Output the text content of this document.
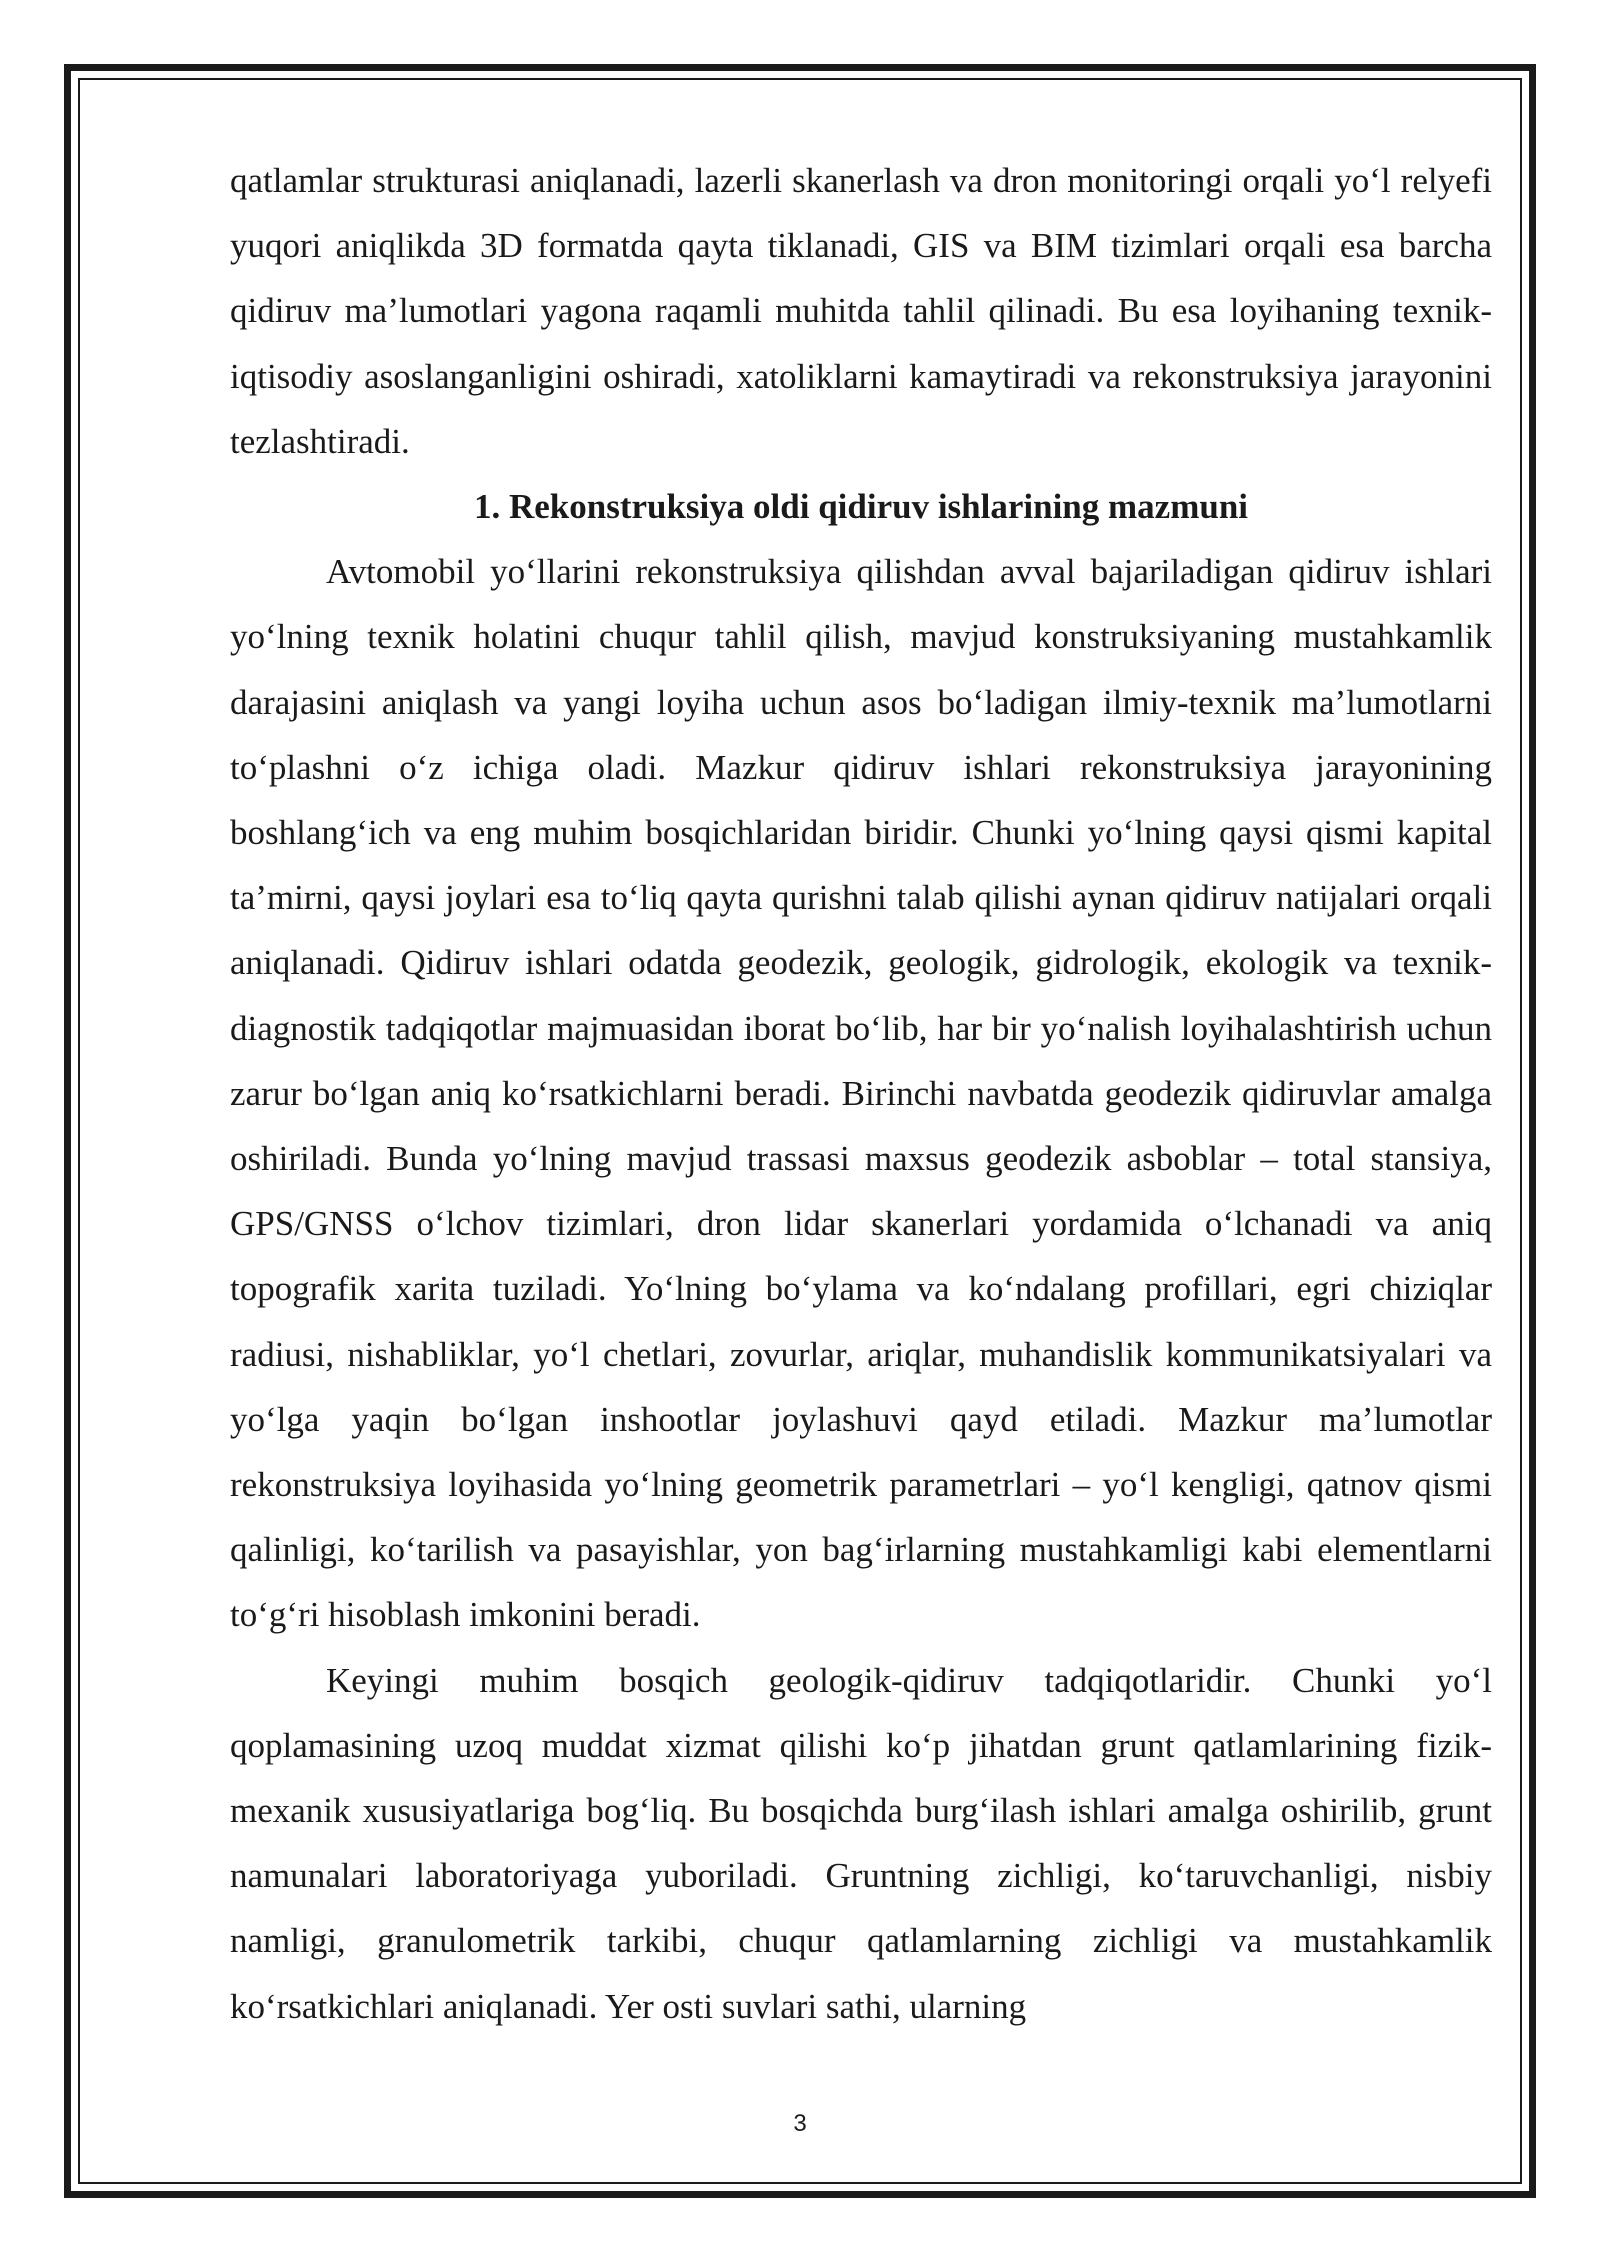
qatlamlar strukturasi aniqlanadi, lazerli skanerlash va dron monitoringi orqali yo‘l relyefi yuqori aniqlikda 3D formatda qayta tiklanadi, GIS va BIM tizimlari orqali esa barcha qidiruv ma’lumotlari yagona raqamli muhitda tahlil qilinadi. Bu esa loyihaning texnik-iqtisodiy asoslanganligini oshiradi, xatoliklarni kamaytiradi va rekonstruksiya jarayonini tezlashtiradi.

1. Rekonstruksiya oldi qidiruv ishlarining mazmuni

Avtomobil yo‘llarini rekonstruksiya qilishdan avval bajariladigan qidiruv ishlari yo‘lning texnik holatini chuqur tahlil qilish, mavjud konstruksiyaning mustahkamlik darajasini aniqlash va yangi loyiha uchun asos bo‘ladigan ilmiy-texnik ma’lumotlarni to‘plashni o‘z ichiga oladi. Mazkur qidiruv ishlari rekonstruksiya jarayonining boshlang‘ich va eng muhim bosqichlaridan biridir. Chunki yo‘lning qaysi qismi kapital ta’mirni, qaysi joylari esa to‘liq qayta qurishni talab qilishi aynan qidiruv natijalari orqali aniqlanadi. Qidiruv ishlari odatda geodezik, geologik, gidrologik, ekologik va texnik-diagnostik tadqiqotlar majmuasidan iborat bo‘lib, har bir yo‘nalish loyihalashtirish uchun zarur bo‘lgan aniq ko‘rsatkichlarni beradi. Birinchi navbatda geodezik qidiruvlar amalga oshiriladi. Bunda yo‘lning mavjud trassasi maxsus geodezik asboblar – total stansiya, GPS/GNSS o‘lchov tizimlari, dron lidar skanerlari yordamida o‘lchanadi va aniq topografik xarita tuziladi. Yo‘lning bo‘ylama va ko‘ndalang profillari, egri chiziqlar radiusi, nishabliklar, yo‘l chetlari, zovurlar, ariqlar, muhandislik kommunikatsiyalari va yo‘lga yaqin bo‘lgan inshootlar joylashuvi qayd etiladi. Mazkur ma’lumotlar rekonstruksiya loyihasida yo‘lning geometrik parametrlari – yo‘l kengligi, qatnov qismi qalinligi, ko‘tarilish va pasayishlar, yon bag‘irlarning mustahkamligi kabi elementlarni to‘g‘ri hisoblash imkonini beradi.

Keyingi muhim bosqich geologik-qidiruv tadqiqotlaridir. Chunki yo‘l qoplamasining uzoq muddat xizmat qilishi ko‘p jihatdan grunt qatlamlarining fizik-mexanik xususiyatlariga bog‘liq. Bu bosqichda burg‘ilash ishlari amalga oshirilib, grunt namunalari laboratoriyaga yuboriladi. Gruntning zichligi, ko‘taruvchanligi, nisbiy namligi, granulometrik tarkibi, chuqur qatlamlarning zichligi va mustahkamlik ko‘rsatkichlari aniqlanadi. Yer osti suvlari sathi, ularning

3
